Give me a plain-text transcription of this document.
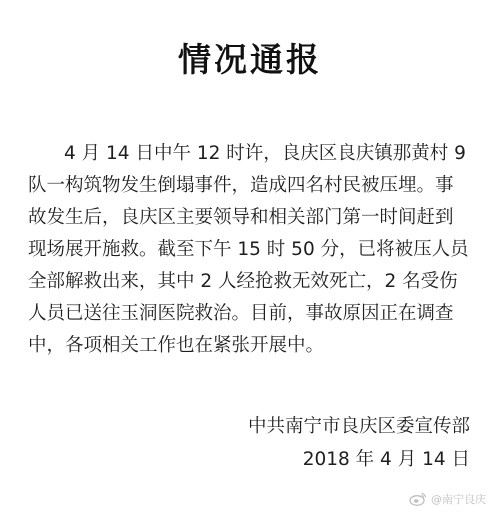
情况通报
4 月 14 日中午 12 时许，良庆区良庆镇那黄村 9
队一构筑物发生倒塌事件，造成四名村民被压埋。事
故发生后，良庆区主要领导和相关部门第一时间赶到
现场展开施救。截至下午 15 时 50 分，已将被压人员
全部解救出来，其中 2 人经抢救无效死亡，2 名受伤
人员已送往玉洞医院救治。目前，事故原因正在调查
中，各项相关工作也在紧张开展中。
中共南宁市良庆区委宣传部
2018 年 4 月 14 日
@南宁良庆
